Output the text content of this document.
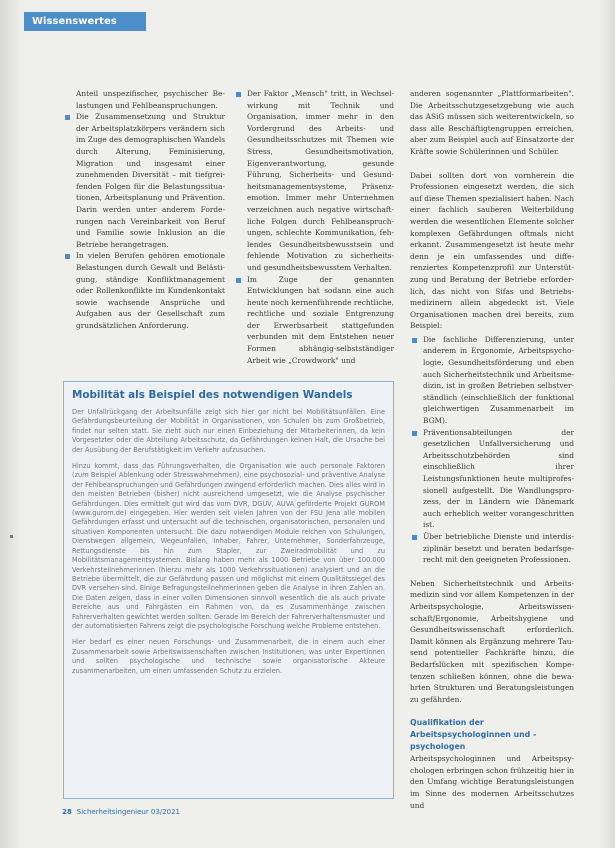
Wissenswertes

Anteil unspezifischer, psychischer Belastungen und Fehlbeanspruchungen.

Die Zusammensetzung und Struktur der Arbeitsplatzkörpers verändern sich im Zuge des demographischen Wandels durch Alterung, Feminisierung, Migration und insgesamt einer zunehmenden Diversität – mit tiefgreifenden Folgen für die Belastungssituationen, Arbeitsplanung und Prävention. Darin werden unter anderem Forderungen nach Vereinbarkeit von Beruf und Familie sowie Inklusion an die Betriebe herangetragen.
In vielen Berufen gehören emotionale Belastungen durch Gewalt und Belästigung, ständige Konfliktmanagement oder Rollenkonflikte im Kundenkontakt sowie wachsende Ansprüche und Aufgaben aus der Gesellschaft zum grundsätzlichen Anforderung.
Der Faktor „Mensch" tritt, in Wechselwirkung mit Technik und Organisation, immer mehr in den Vordergrund des Arbeits- und Gesundheitsschutzes mit Themen wie Stress, Gesundheitsmotivation, Eigenverantwortung, gesunde Führung, Sicherheits- und Gesundheitsmanagementsysteme, Präsenzemotion. Immer mehr Unternehmen verzeichnen auch negative wirtschaftliche Folgen durch Fehlbeanspruchungen, schlechte Kommunikation, fehlendes Gesundheitsbewusstsein und fehlende Motivation zu sicherheits- und gesundheitsbewusstem Verhalten.
Im Zuge der genannten Entwicklungen hat sodann eine auch heute noch kernenführende rechtliche, rechtliche und soziale Entgrenzung der Erwerbsarbeit stattgefunden verbunden mit dem Entstehen neuer Formen abhängig-selbstständiger Arbeit wie „Crowdwork" und

anderen sogenannter „Plattformarbeiten". Die Arbeitsschutzgesetzgebung wie auch das ASiG müssen sich weiterentwickeln, so dass alle Beschäftigtengruppen erreichen, aber zum Beispiel auch auf Einsatzorte der Kräfte sowie Schülerinnen und Schüler.

Dabei sollten dort von vornherein die Professionen eingesetzt werden, die sich auf diese Themen spezialisiert haben. Nach einer fachlich sauberen Weiterbildung werden die wesentlichen Elemente solcher komplexen Gefährdungen oftmals nicht erkannt. Zusammengesetzt ist heute mehr denn je ein umfassendes und differenziertes Kompetenzprofil zur Unterstützung und Beratung der Betriebe erforderlich, das nicht von Sifas und Betriebsmedizinern allein abgedeckt ist. Viele Organisationen machen drei bereits, zum Beispiel:

Die fachliche Differenzierung, unter anderem in Ergonomie, Arbeitspsychologie, Gesundheitsförderung und eben auch Sicherheitstechnik und Arbeitsmedizin, ist in großen Betrieben selbstverständlich (einschließlich der funktional gleichwertigen Zusammenarbeit im BGM).
Präventionsabteilungen der gesetzlichen Unfallversicherung und Arbeitsschutzbehörden sind einschließlich ihrer Leistungsfunktionen heute multiprofessionell aufgestellt. Die Wandlungsprozess, der in Ländern wie Dänemark auch erheblich weiter vorangeschritten ist.
Über betriebliche Dienste und interdisziplinär besetzt und beraten bedarfsgerecht mit den geeigneten Professionen.

Neben Sicherheitstechnik und Arbeitsmedizin sind vor allem Kompetenzen in der Arbeitspsychologie, Arbeitswissenschaft/Ergonomie, Arbeitshygiene und Gesundheitswissenschaft erforderlich. Damit können als Ergänzung mehrere Tausend potentieller Fachkräfte hinzu, die Bedarfslücken mit spezifischen Kompetenzen schließen können, ohne die bewahrten Strukturen und Beratungsleistungen zu gefährden.

Qualifikation der Arbeitspsychologinnen und -psychologen

Arbeitspsychologinnen und Arbeitspsychologen erbringen schon frühzeitig hier in den Umfang wichtige Beratungsleistungen im Sinne des modernen Arbeitsschutzes und

Mobilität als Beispiel des notwendigen Wandels

Der Unfallrückgang der Arbeitsunfälle zeigt sich hier gar nicht bei Mobilitätsunfällen. Eine Gefährdungsbeurteilung der Mobilität in Organisationen, von Schulen bis zum Großbetrieb, findet nur selten statt. Sie zieht auch nur einen Einbeziehung der Mitarbeiterinnen, da kein Vorgesetzter oder die Abteilung Arbeitsschutz, da Gefährdungen keinen Halt, die Ursache bei der Ausübung der Berufstätigkeit im Verkehr aufzusuchen.

Hinzu kommt, dass das Führungsverhalten, die Organisation wie auch personale Faktoren (zum Beispiel Ablenkung oder Stresswahrnehmen), eine psychosozial- und präventive Analyse der Fehlbeanspruchungen und Gefährdungen zwingend erforderlich machen. Dies alles wird in den meisten Betrieben (bisher) nicht ausreichend umgesetzt, wie die Analyse psychischer Gefährdungen. Dies ermittelt gut wird das vom DVR, DGUV, AUVA geförderte Projekt GUROM (www.gurom.de) eingegeben. Hier werden seit vielen Jahren von der FSU Jena alle mobilen Gefährdungen erfasst und untersucht auf die technischen, organisatorischen, personalen und situativen Komponenten untersucht. Die dazu notwendigen Module reichen von Schulungen, Dienstwegen allgemein, Wegeunfallen, Inhaber, Fahrer, Unternehmer, Sonderfahrzeuge, Rettungsdienste bis hin zum Stapler, zur Zweiradmobilität und zu Mobilitätsmanagementsystemen. Bislang haben mehr als 1000 Betriebe von über 100.000 Verkehrsteilnehmerinnen (hierzu mehr als 1000 Verkehrssituationen) analysiert und an die Betriebe übermittelt, die zur Gefährdung passen und möglichst mit einem Qualitätssiegel des DVR versehen sind. Einige Befragungsteilnehmerinnen geben die Analyse in ihren Zahlen an. Die Daten zeigen, dass in einer vollen Dimensionen sinnvoll wesentlich die als auch private Bereiche aus und Fahrgästen ein Rahmen von, da es Zusammenhänge zwischen Fahrerverhalten gewichtet werden sollten. Gerade im Bereich der Fahrerverhaltensmuster und der automatisierten Fahrens zeigt die psychologische Forschung welche Probleme entstehen.

Hier bedarf es einer neuen Forschungs- und Zusammenarbeit, die in einem auch einer Zusammenarbeit sowie Arbeitswissenschaften zwischen Institutionen, was unter Expertinnen und sollten psychologische und technische sowie organisatorische Akteure zusammenarbeiten, um einen umfassenden Schutz zu erzielen.

28 Sicherheitsingenieur 03/2021
